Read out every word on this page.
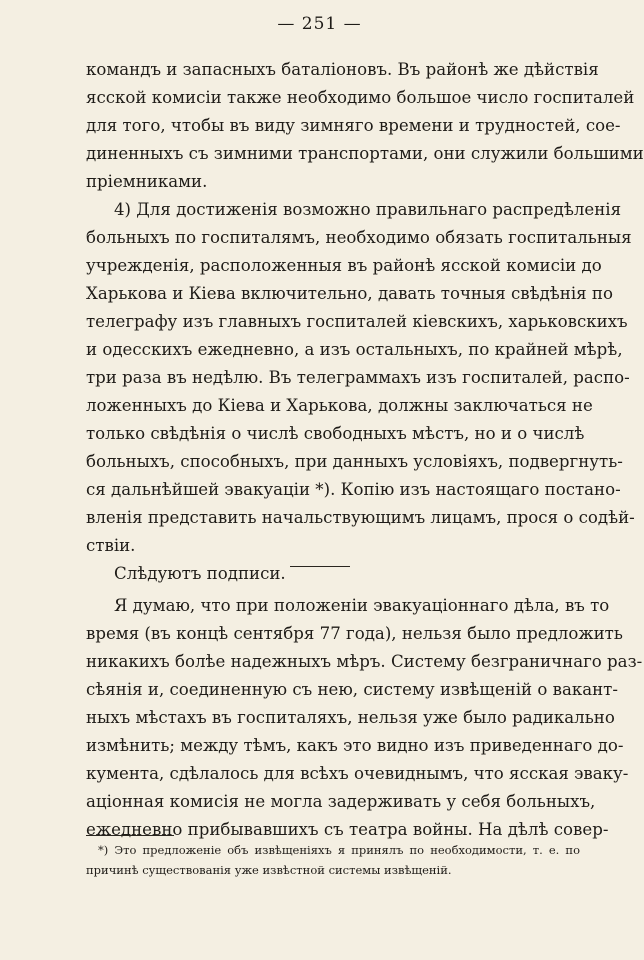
— 251 —
командъ и запасныхъ баталіоновъ. Въ районѣ же дѣйствія
ясской комисіи также необходимо большое число госпиталей
для того, чтобы въ виду зимняго времени и трудностей, сое-
диненныхъ съ зимними транспортами, они служили большими
пріемниками.
4) Для достиженія возможно правильнаго распредѣленія
больныхъ по госпиталямъ, необходимо обязать госпитальныя
учрежденія, расположенныя въ районѣ ясской комисіи до
Харькова и Кіева включительно, давать точныя свѣдѣнія по
телеграфу изъ главныхъ госпиталей кіевскихъ, харьковскихъ
и одесскихъ ежедневно, а изъ остальныхъ, по крайней мѣрѣ,
три раза въ недѣлю. Въ телеграммахъ изъ госпиталей, распо-
ложенныхъ до Кіева и Харькова, должны заключаться не
только свѣдѣнія о числѣ свободныхъ мѣстъ, но и о числѣ
больныхъ, способныхъ, при данныхъ условіяхъ, подвергнуть-
ся дальнѣйшей эвакуаціи *). Копію изъ настоящаго постано-
вленія представить начальствующимъ лицамъ, прося о содѣй-
ствіи.
Слѣдуютъ подписи.
Я думаю, что при положеніи эвакуаціоннаго дѣла, въ то
время (въ концѣ сентября 77 года), нельзя было предложить
никакихъ болѣе надежныхъ мѣръ. Систему безграничнаго раз-
сѣянія и, соединенную съ нею, систему извѣщеній о вакант-
ныхъ мѣстахъ въ госпиталяхъ, нельзя уже было радикально
измѣнить; между тѣмъ, какъ это видно изъ приведеннаго до-
кумента, сдѣлалось для всѣхъ очевиднымъ, что ясская эваку-
аціонная комисія не могла задерживать у себя больныхъ,
ежедневно прибывавшихъ съ театра войны. На дѣлѣ совер-
*) Это предложеніе объ извѣщеніяхъ я принялъ по необходимости, т. е. по
причинѣ существованія уже извѣстной системы извѣщеній.
